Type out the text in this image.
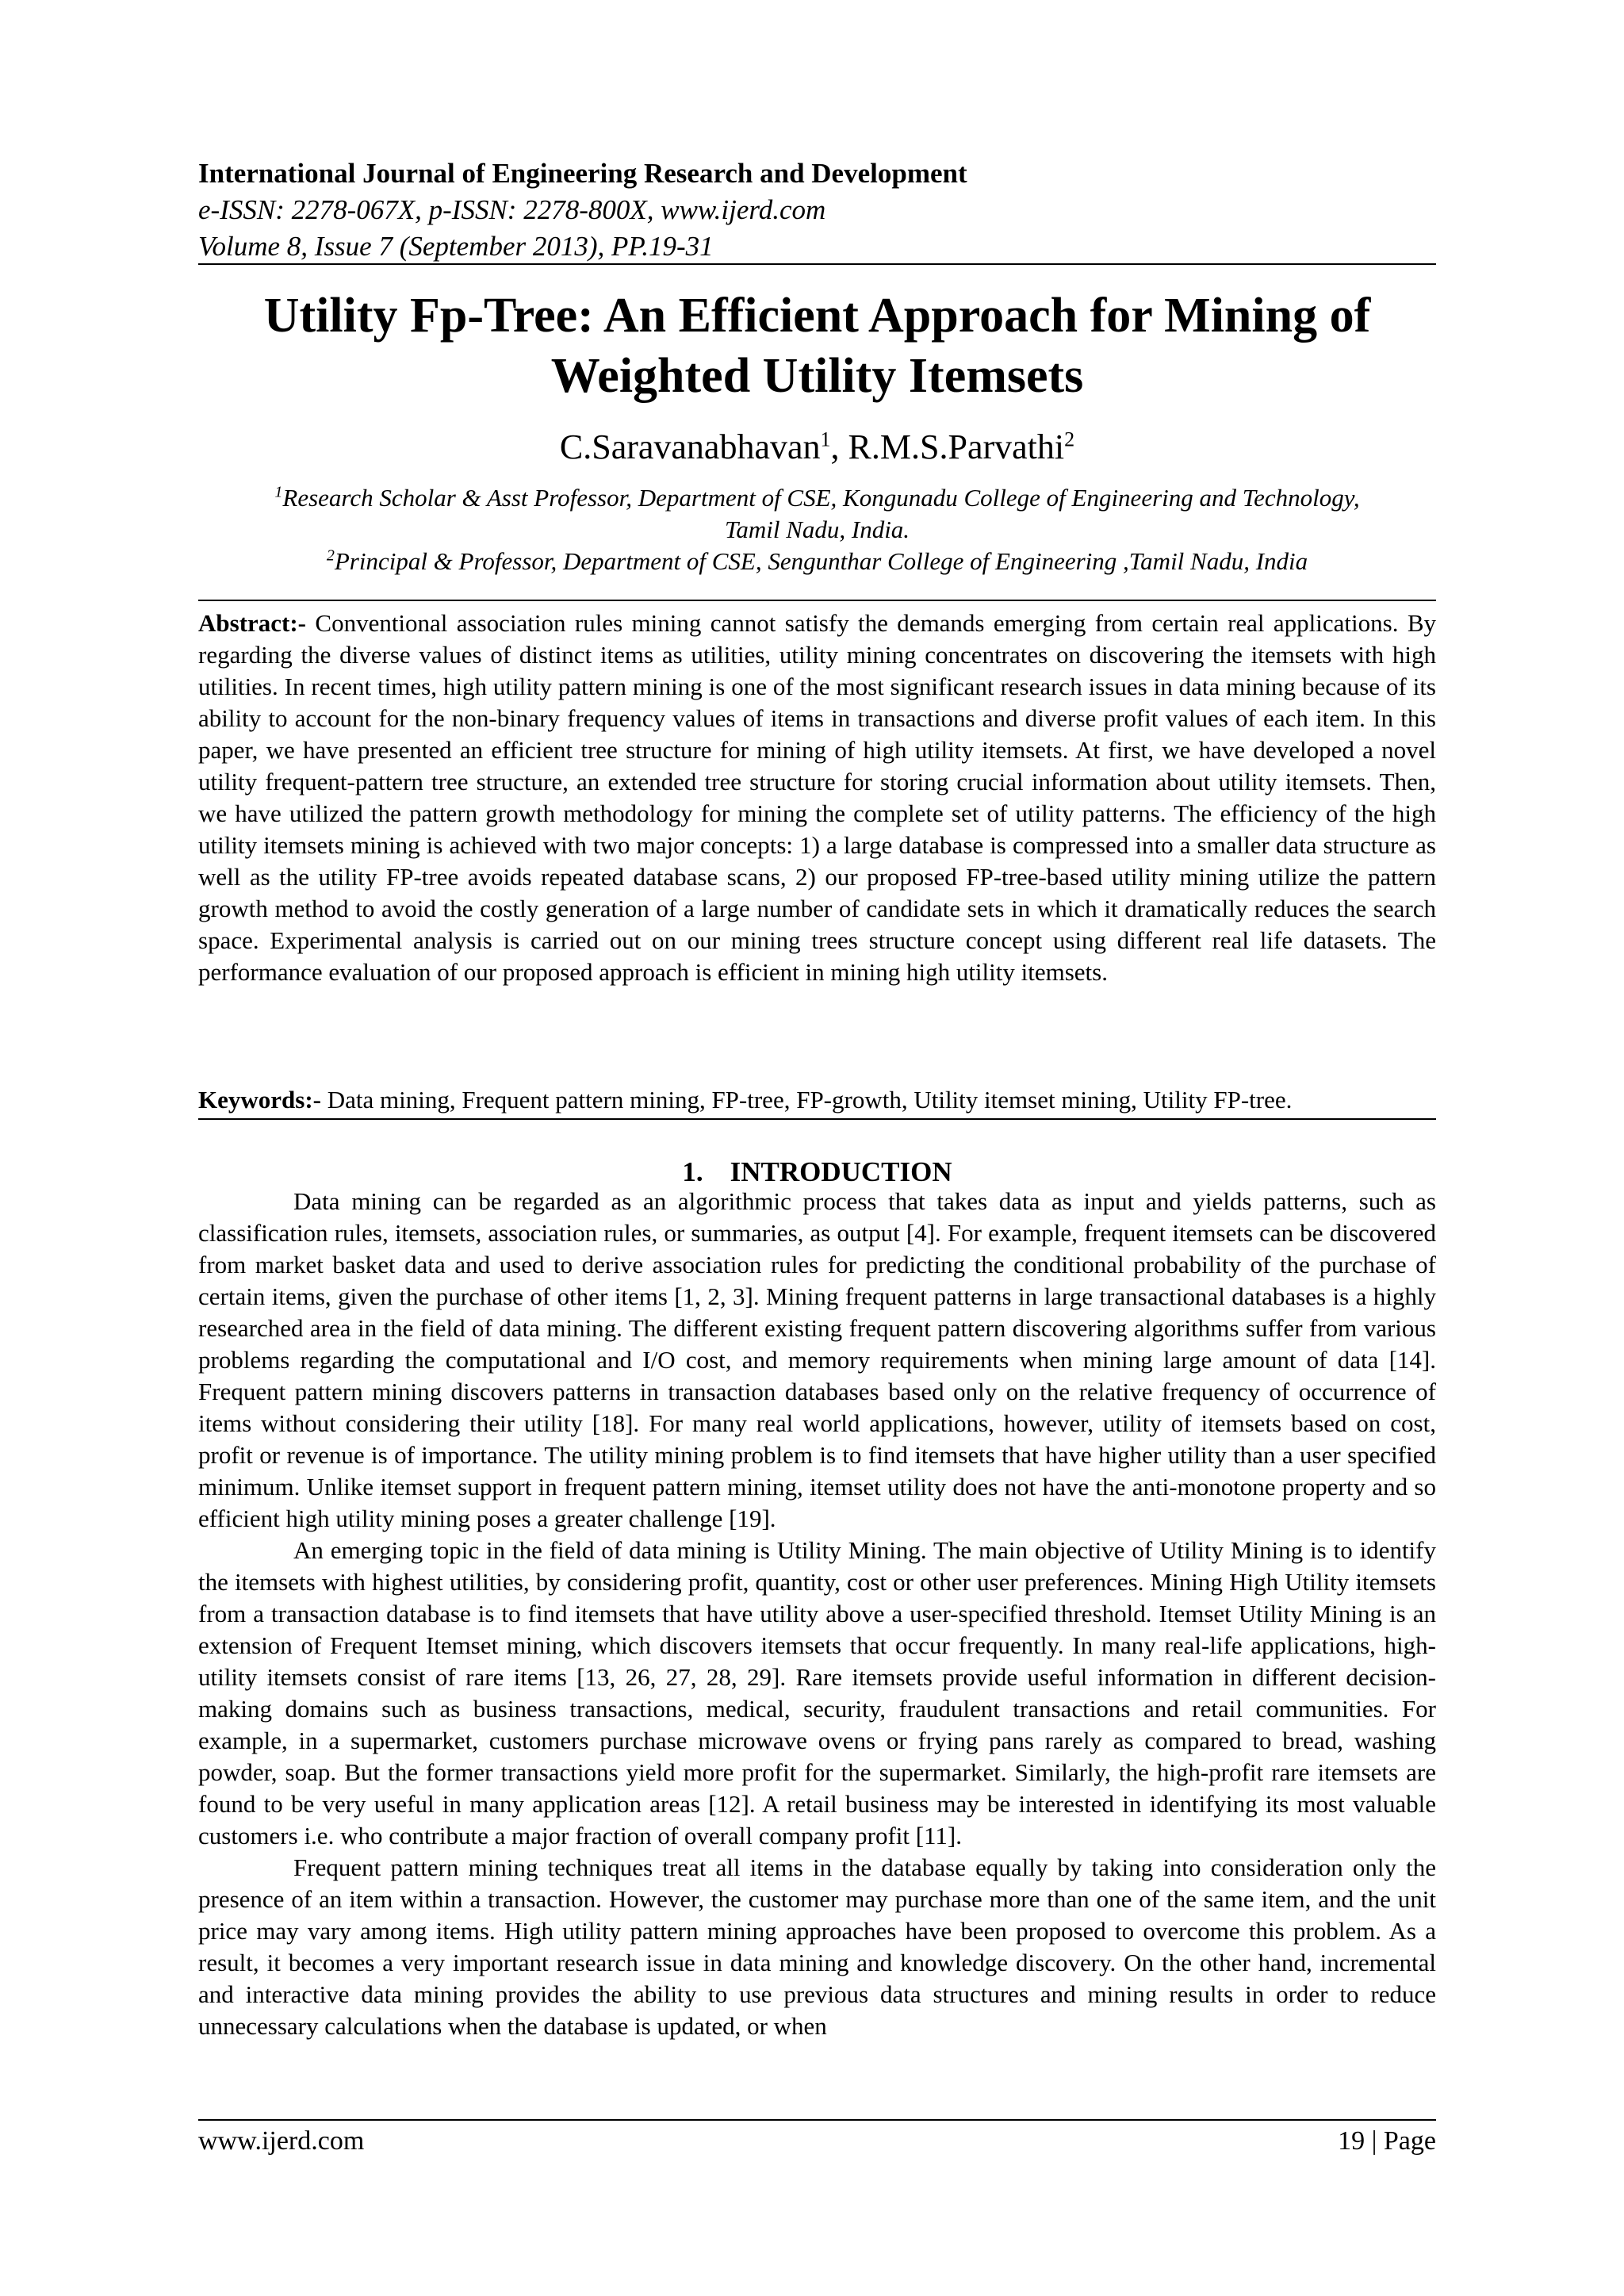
International Journal of Engineering Research and Development

e-ISSN: 2278-067X, p-ISSN: 2278-800X, www.ijerd.com

Volume 8, Issue 7 (September 2013), PP.19-31

Utility Fp-Tree: An Efficient Approach for Mining of
Weighted Utility Itemsets

C.Saravanabhavan$^1$, R.M.S.Parvathi$^2$

$^1$Research Scholar & Asst Professor, Department of CSE, Kongunadu College of Engineering and Technology,
Tamil Nadu, India.

$^2$Principal & Professor, Department of CSE, Sengunthar College of Engineering ,Tamil Nadu, India

Abstract:- Conventional association rules mining cannot satisfy the demands emerging from certain real applications. By regarding the diverse values of distinct items as utilities, utility mining concentrates on discovering the itemsets with high utilities. In recent times, high utility pattern mining is one of the most significant research issues in data mining because of its ability to account for the non-binary frequency values of items in transactions and diverse profit values of each item. In this paper, we have presented an efficient tree structure for mining of high utility itemsets. At first, we have developed a novel utility frequent-pattern tree structure, an extended tree structure for storing crucial information about utility itemsets. Then, we have utilized the pattern growth methodology for mining the complete set of utility patterns. The efficiency of the high utility itemsets mining is achieved with two major concepts: 1) a large database is compressed into a smaller data structure as well as the utility FP-tree avoids repeated database scans, 2) our proposed FP-tree-based utility mining utilize the pattern growth method to avoid the costly generation of a large number of candidate sets in which it dramatically reduces the search space. Experimental analysis is carried out on our mining trees structure concept using different real life datasets. The performance evaluation of our proposed approach is efficient in mining high utility itemsets.

Keywords:- Data mining, Frequent pattern mining, FP-tree, FP-growth, Utility itemset mining, Utility FP-tree.

1. INTRODUCTION

Data mining can be regarded as an algorithmic process that takes data as input and yields patterns, such as classification rules, itemsets, association rules, or summaries, as output [4]. For example, frequent itemsets can be discovered from market basket data and used to derive association rules for predicting the conditional probability of the purchase of certain items, given the purchase of other items [1, 2, 3]. Mining frequent patterns in large transactional databases is a highly researched area in the field of data mining. The different existing frequent pattern discovering algorithms suffer from various problems regarding the computational and I/O cost, and memory requirements when mining large amount of data [14]. Frequent pattern mining discovers patterns in transaction databases based only on the relative frequency of occurrence of items without considering their utility [18]. For many real world applications, however, utility of itemsets based on cost, profit or revenue is of importance. The utility mining problem is to find itemsets that have higher utility than a user specified minimum. Unlike itemset support in frequent pattern mining, itemset utility does not have the anti-monotone property and so efficient high utility mining poses a greater challenge [19].

An emerging topic in the field of data mining is Utility Mining. The main objective of Utility Mining is to identify the itemsets with highest utilities, by considering profit, quantity, cost or other user preferences. Mining High Utility itemsets from a transaction database is to find itemsets that have utility above a user-specified threshold. Itemset Utility Mining is an extension of Frequent Itemset mining, which discovers itemsets that occur frequently. In many real-life applications, high-utility itemsets consist of rare items [13, 26, 27, 28, 29]. Rare itemsets provide useful information in different decision-making domains such as business transactions, medical, security, fraudulent transactions and retail communities. For example, in a supermarket, customers purchase microwave ovens or frying pans rarely as compared to bread, washing powder, soap. But the former transactions yield more profit for the supermarket. Similarly, the high-profit rare itemsets are found to be very useful in many application areas [12]. A retail business may be interested in identifying its most valuable customers i.e. who contribute a major fraction of overall company profit [11].

Frequent pattern mining techniques treat all items in the database equally by taking into consideration only the presence of an item within a transaction. However, the customer may purchase more than one of the same item, and the unit price may vary among items. High utility pattern mining approaches have been proposed to overcome this problem. As a result, it becomes a very important research issue in data mining and knowledge discovery. On the other hand, incremental and interactive data mining provides the ability to use previous data structures and mining results in order to reduce unnecessary calculations when the database is updated, or when

www.ijerd.com	19 | Page
